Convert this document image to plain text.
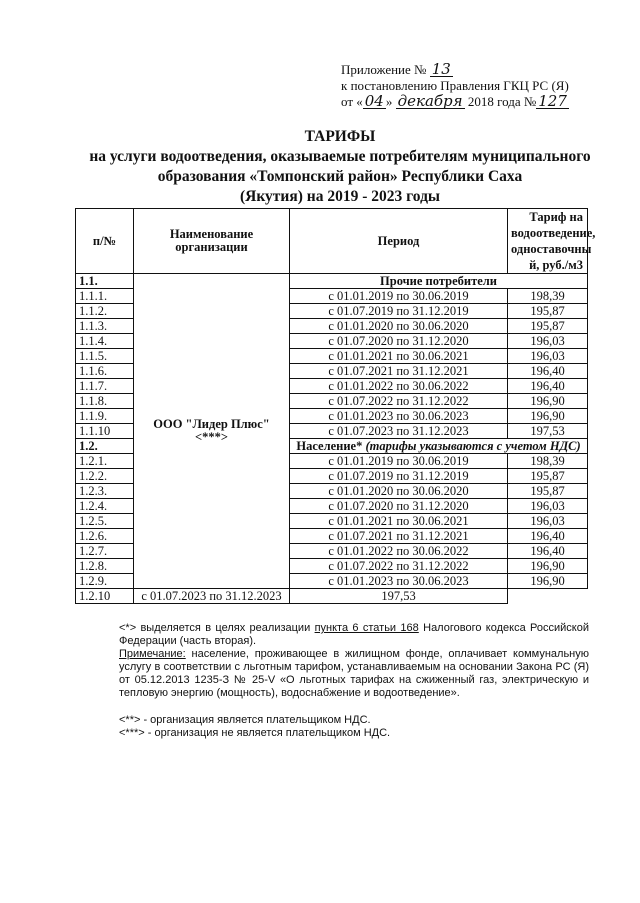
Приложение № 13
к постановлению Правления ГКЦ РС (Я)
от « 04 » декабря 2018 года № 127
ТАРИФЫ
на услуги водоотведения, оказываемые потребителям муниципального
образования «Томпонский район» Республики Саха
(Якутия) на 2019 - 2023 годы
п/№	Наименование организации	Период	Тариф на водоотведение, одноставочны й, руб./м3
1.1.	ООО "Лидер Плюс" <***>	Прочие потребители	
1.1.1.		с 01.01.2019 по 30.06.2019	198,39
1.1.2.		с 01.07.2019 по 31.12.2019	195,87
1.1.3.		с 01.01.2020 по 30.06.2020	195,87
1.1.4.		с 01.07.2020 по 31.12.2020	196,03
1.1.5.		с 01.01.2021 по 30.06.2021	196,03
1.1.6.		с 01.07.2021 по 31.12.2021	196,40
1.1.7.		с 01.01.2022 по 30.06.2022	196,40
1.1.8.		с 01.07.2022 по 31.12.2022	196,90
1.1.9.		с 01.01.2023 по 30.06.2023	196,90
1.1.10		с 01.07.2023 по 31.12.2023	197,53
1.2.		Население* (тарифы указываются с учетом НДС)	
1.2.1.		с 01.01.2019 по 30.06.2019	198,39
1.2.2.		с 01.07.2019 по 31.12.2019	195,87
1.2.3.		с 01.01.2020 по 30.06.2020	195,87
1.2.4.		с 01.07.2020 по 31.12.2020	196,03
1.2.5.		с 01.01.2021 по 30.06.2021	196,03
1.2.6.		с 01.07.2021 по 31.12.2021	196,40
1.2.7.		с 01.01.2022 по 30.06.2022	196,40
1.2.8.		с 01.07.2022 по 31.12.2022	196,90
1.2.9.		с 01.01.2023 по 30.06.2023	196,90
1.2.10	с 01.07.2023 по 31.12.2023	197,53	

<*> выделяется в целях реализации пункта 6 статьи 168 Налогового кодекса Российской Федерации (часть вторая).

Примечание: население, проживающее в жилищном фонде, оплачивает коммунальную услугу в соответствии с льготным тарифом, устанавливаемым на основании Закона РС (Я) от 05.12.2013 1235-З № 25-V «О льготных тарифах на сжиженный газ, электрическую и тепловую энергию (мощность), водоснабжение и водоотведение».

<**> - организация является плательщиком НДС.

<***> - организация не является плательщиком НДС.
